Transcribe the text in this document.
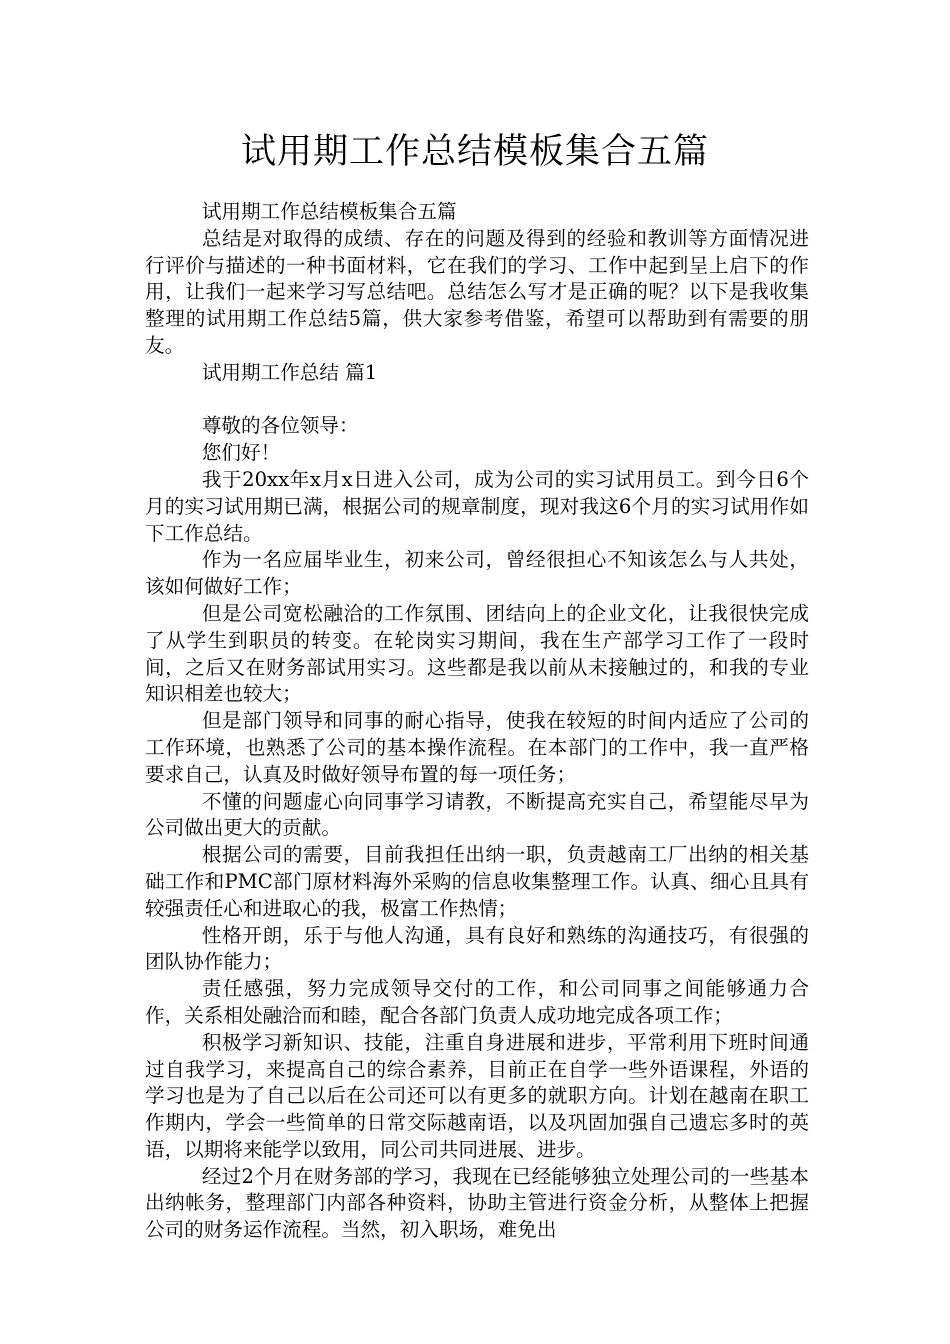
试用期工作总结模板集合五篇

试用期工作总结模板集合五篇

总结是对取得的成绩、存在的问题及得到的经验和教训等方面情况进行评价与描述的一种书面材料，它在我们的学习、工作中起到呈上启下的作用，让我们一起来学习写总结吧。总结怎么写才是正确的呢？以下是我收集整理的试用期工作总结5篇，供大家参考借鉴，希望可以帮助到有需要的朋友。

试用期工作总结 篇1

尊敬的各位领导：

您们好！

我于20xx年x月x日进入公司，成为公司的实习试用员工。到今日6个月的实习试用期已满，根据公司的规章制度，现对我这6个月的实习试用作如下工作总结。

作为一名应届毕业生，初来公司，曾经很担心不知该怎么与人共处，该如何做好工作；

但是公司宽松融洽的工作氛围、团结向上的企业文化，让我很快完成了从学生到职员的转变。在轮岗实习期间，我在生产部学习工作了一段时间，之后又在财务部试用实习。这些都是我以前从未接触过的，和我的专业知识相差也较大；

但是部门领导和同事的耐心指导，使我在较短的时间内适应了公司的工作环境，也熟悉了公司的基本操作流程。在本部门的工作中，我一直严格要求自己，认真及时做好领导布置的每一项任务；

不懂的问题虚心向同事学习请教，不断提高充实自己，希望能尽早为公司做出更大的贡献。

根据公司的需要，目前我担任出纳一职，负责越南工厂出纳的相关基础工作和PMC部门原材料海外采购的信息收集整理工作。认真、细心且具有较强责任心和进取心的我，极富工作热情；

性格开朗，乐于与他人沟通，具有良好和熟练的沟通技巧，有很强的团队协作能力；

责任感强，努力完成领导交付的工作，和公司同事之间能够通力合作，关系相处融洽而和睦，配合各部门负责人成功地完成各项工作；

积极学习新知识、技能，注重自身进展和进步，平常利用下班时间通过自我学习，来提高自己的综合素养，目前正在自学一些外语课程，外语的学习也是为了自己以后在公司还可以有更多的就职方向。计划在越南在职工作期内，学会一些简单的日常交际越南语，以及巩固加强自己遗忘多时的英语，以期将来能学以致用，同公司共同进展、进步。

经过2个月在财务部的学习，我现在已经能够独立处理公司的一些基本出纳帐务，整理部门内部各种资料，协助主管进行资金分析，从整体上把握公司的财务运作流程。当然，初入职场，难免出
